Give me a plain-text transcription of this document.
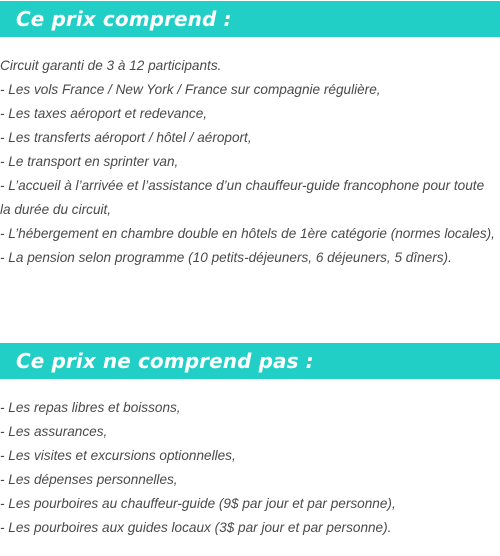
Ce prix comprend :
Circuit garanti de 3 à 12 participants.
- Les vols France / New York / France sur compagnie régulière,
- Les taxes aéroport et redevance,
- Les transferts aéroport / hôtel / aéroport,
- Le transport en sprinter van,
- L’accueil à l’arrivée et l’assistance d’un chauffeur-guide francophone pour toute la durée du circuit,
- L’hébergement en chambre double en hôtels de 1ère catégorie (normes locales),
- La pension selon programme (10 petits-déjeuners, 6 déjeuners, 5 dîners).
Ce prix ne comprend pas :
- Les repas libres et boissons,
- Les assurances,
- Les visites et excursions optionnelles,
- Les dépenses personnelles,
- Les pourboires au chauffeur-guide (9$ par jour et par personne),
- Les pourboires aux guides locaux (3$ par jour et par personne).
